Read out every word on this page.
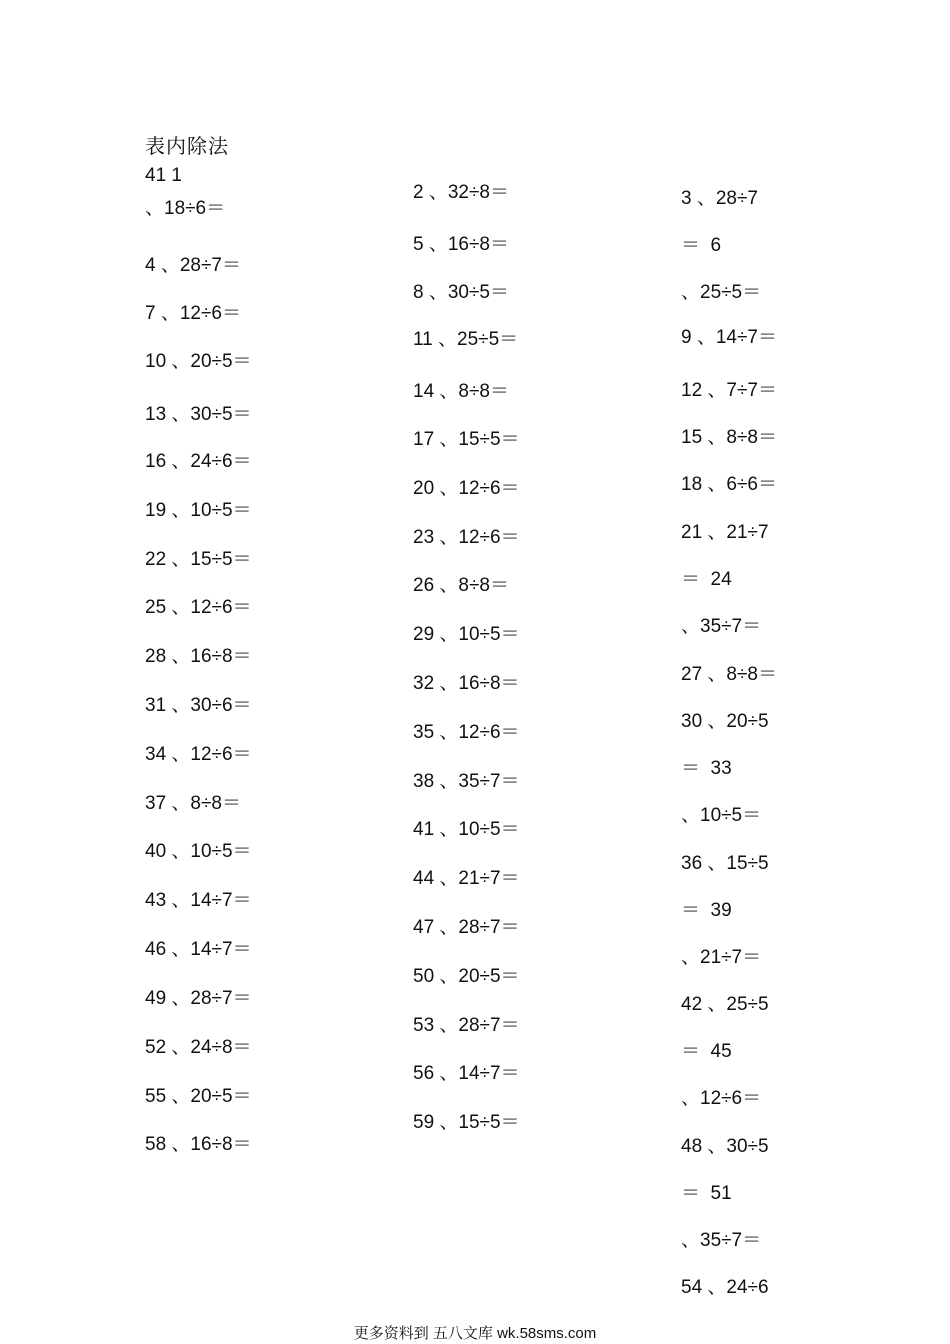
表内除法
41 1
、18÷6＝
4 、28÷7＝
7 、12÷6＝
10 、20÷5＝
13 、30÷5＝
16 、24÷6＝
19 、10÷5＝
22 、15÷5＝
25 、12÷6＝
28 、16÷8＝
31 、30÷6＝
34 、12÷6＝
37 、8÷8＝
40 、10÷5＝
43 、14÷7＝
46 、14÷7＝
49 、28÷7＝
52 、24÷8＝
55 、20÷5＝
58 、16÷8＝
2 、32÷8＝
5 、16÷8＝
8 、30÷5＝
11 、25÷5＝
14 、8÷8＝
17 、15÷5＝
20 、12÷6＝
23 、12÷6＝
26 、8÷8＝
29 、10÷5＝
32 、16÷8＝
35 、12÷6＝
38 、35÷7＝
41 、10÷5＝
44 、21÷7＝
47 、28÷7＝
50 、20÷5＝
53 、28÷7＝
56 、14÷7＝
59 、15÷5＝
3 、28÷7
＝  6
、25÷5＝
9 、14÷7＝
12 、7÷7＝
15 、8÷8＝
18 、6÷6＝
21 、21÷7
＝  24
、35÷7＝
27 、8÷8＝
30 、20÷5
＝  33
、10÷5＝
36 、15÷5
＝  39
、21÷7＝
42 、25÷5
＝  45
、12÷6＝
48 、30÷5
＝  51
、35÷7＝
54 、24÷6
更多资料到 五八文库 wk.58sms.com
